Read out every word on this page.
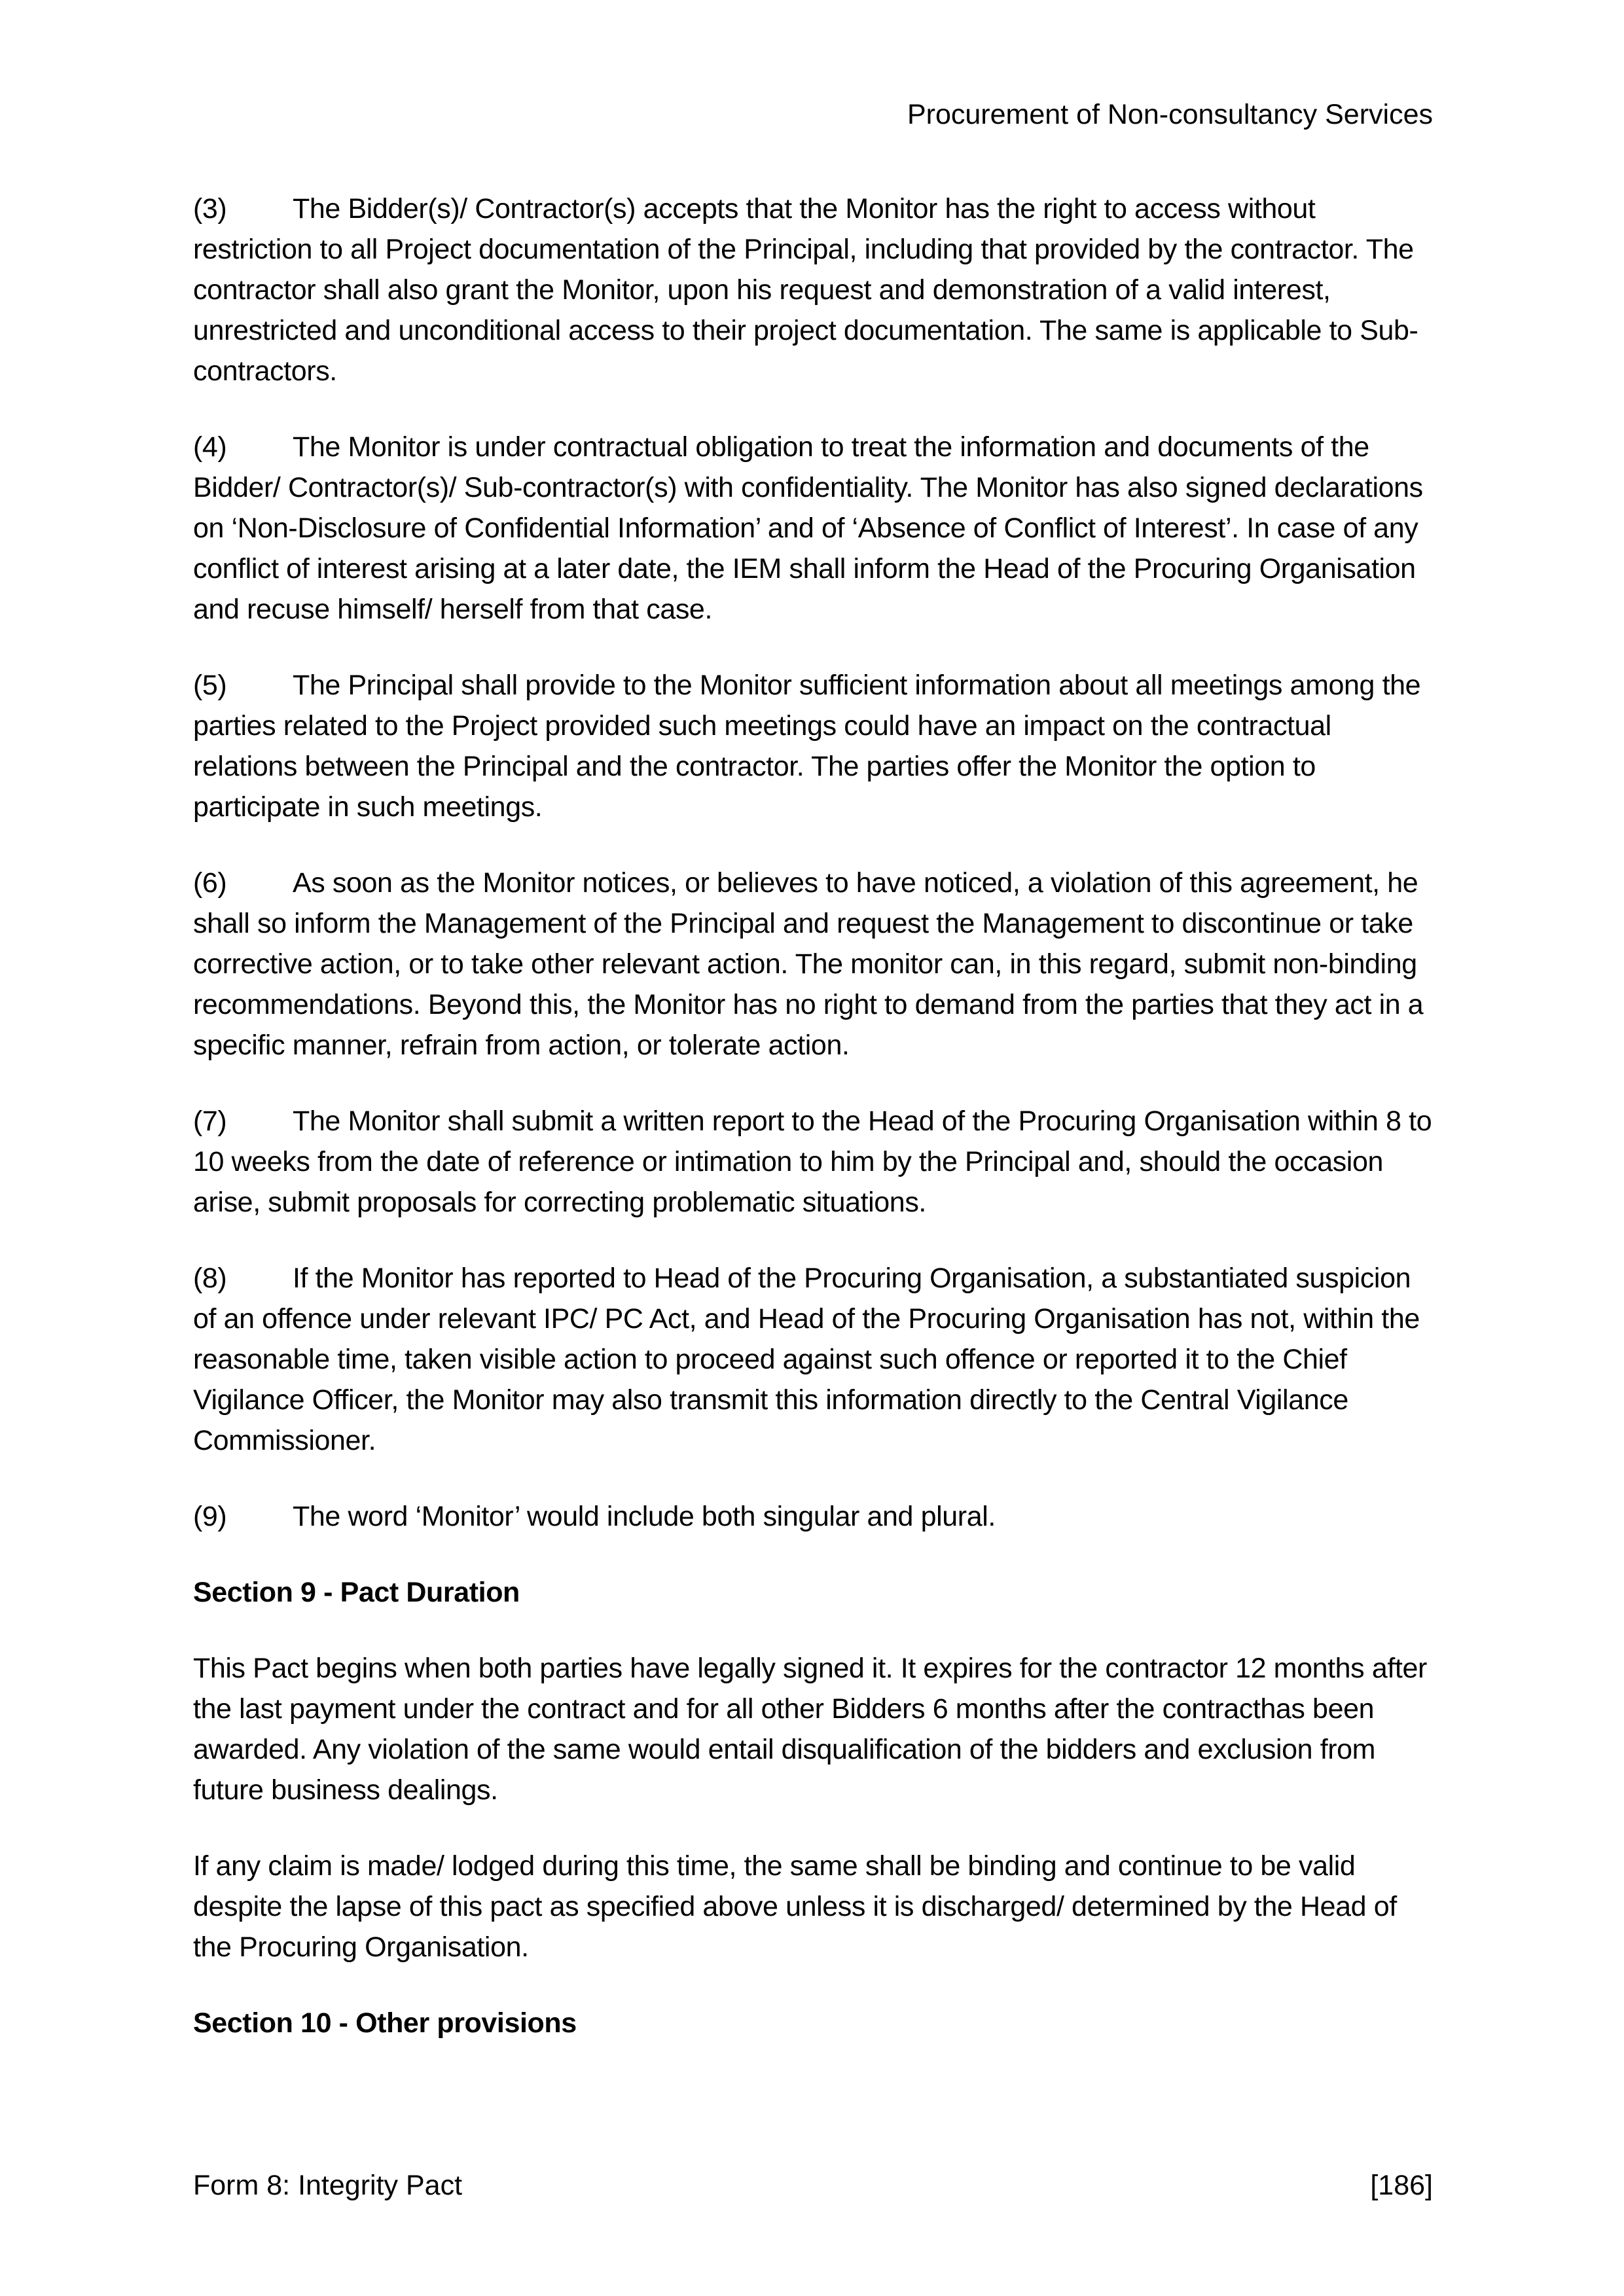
Procurement of Non-consultancy Services

(3) The Bidder(s)/ Contractor(s) accepts that the Monitor has the right to access without restriction to all Project documentation of the Principal, including that provided by the contractor. The contractor shall also grant the Monitor, upon his request and demonstration of a valid interest, unrestricted and unconditional access to their project documentation. The same is applicable to Sub-contractors.

(4) The Monitor is under contractual obligation to treat the information and documents of the Bidder/ Contractor(s)/ Sub-contractor(s) with confidentiality. The Monitor has also signed declarations on ‘Non-Disclosure of Confidential Information’ and of ‘Absence of Conflict of Interest’. In case of any conflict of interest arising at a later date, the IEM shall inform the Head of the Procuring Organisation and recuse himself/ herself from that case.

(5) The Principal shall provide to the Monitor sufficient information about all meetings among the parties related to the Project provided such meetings could have an impact on the contractual relations between the Principal and the contractor. The parties offer the Monitor the option to participate in such meetings.

(6) As soon as the Monitor notices, or believes to have noticed, a violation of this agreement, he shall so inform the Management of the Principal and request the Management to discontinue or take corrective action, or to take other relevant action. The monitor can, in this regard, submit non-binding recommendations. Beyond this, the Monitor has no right to demand from the parties that they act in a specific manner, refrain from action, or tolerate action.

(7) The Monitor shall submit a written report to the Head of the Procuring Organisation within 8 to 10 weeks from the date of reference or intimation to him by the Principal and, should the occasion arise, submit proposals for correcting problematic situations.

(8) If the Monitor has reported to Head of the Procuring Organisation, a substantiated suspicion of an offence under relevant IPC/ PC Act, and Head of the Procuring Organisation has not, within the reasonable time, taken visible action to proceed against such offence or reported it to the Chief Vigilance Officer, the Monitor may also transmit this information directly to the Central Vigilance Commissioner.

(9) The word ‘Monitor’ would include both singular and plural.

Section 9 - Pact Duration

This Pact begins when both parties have legally signed it. It expires for the contractor 12 months after the last payment under the contract and for all other Bidders 6 months after the contracthas been awarded. Any violation of the same would entail disqualification of the bidders and exclusion from future business dealings.

If any claim is made/ lodged during this time, the same shall be binding and continue to be valid despite the lapse of this pact as specified above unless it is discharged/ determined by the Head of the Procuring Organisation.

Section 10 - Other provisions
Form 8: Integrity Pact	[186]
